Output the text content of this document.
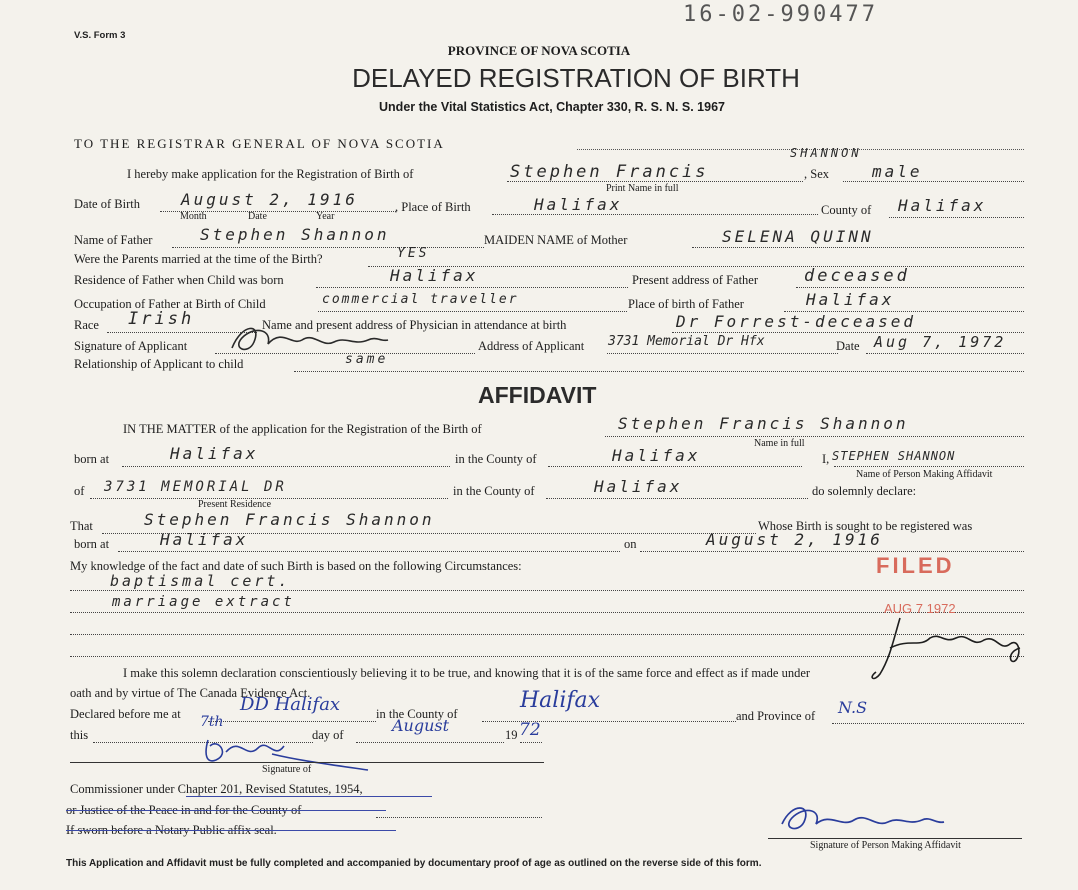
16-02-990477
V.S. Form 3
PROVINCE OF NOVA SCOTIA
DELAYED REGISTRATION OF BIRTH
Under the Vital Statistics Act, Chapter 330, R. S. N. S. 1967
TO THE REGISTRAR GENERAL OF NOVA SCOTIA
I hereby make application for the Registration of Birth of	Stephen Francis
SHANNON
Print Name in full
, Sex	male
Date of Birth	August 2, 1916
Month	Date	Year
, Place of Birth	Halifax	County of Halifax
Name of Father	Stephen Shannon	MAIDEN NAME of Mother	SELENA QUINN
Were the Parents married at the time of the Birth?	YES
Residence of Father when Child was born	Halifax	Present address of Father	deceased
Occupation of Father at Birth of Child	commercial traveller	Place of birth of Father	Halifax
Race Irish	Name and present address of Physician in attendance at birth	Dr Forrest-deceased
Signature of Applicant	Address of Applicant 3731 Memorial Dr Hfx	Date Aug 7, 1972
Relationship of Applicant to child	same
AFFIDAVIT
IN THE MATTER of the application for the Registration of the Birth of	Stephen Francis Shannon
Name in full
born at	Halifax	in the County of	Halifax	I, STEPHEN SHANNON
Name of Person Making Affidavit
of 3731 MEMORIAL DR
Present Residence
in the County of	Halifax	do solemnly declare:
That	Stephen Francis Shannon	Whose Birth is sought to be registered was
born at	Halifax	on	August 2, 1916
My knowledge of the fact and date of such Birth is based on the following Circumstances:
baptismal cert.
marriage extract
FILED
AUG 7 1972
I make this solemn declaration conscientiously believing it to be true, and knowing that it is of the same force and effect as if made under
oath and by virtue of The Canada Evidence Act.
Declared before me at	DD Halifax	in the County of
Halifax
and Province of N.S
this
7th
day of	August	19 72
Signature of
Commissioner under Chapter 201, Revised Statutes, 1954,
or Justice of the Peace in and for the County of
If sworn before a Notary Public affix seal.
Signature of Person Making Affidavit
This Application and Affidavit must be fully completed and accompanied by documentary proof of age as outlined on the reverse side of this form.
